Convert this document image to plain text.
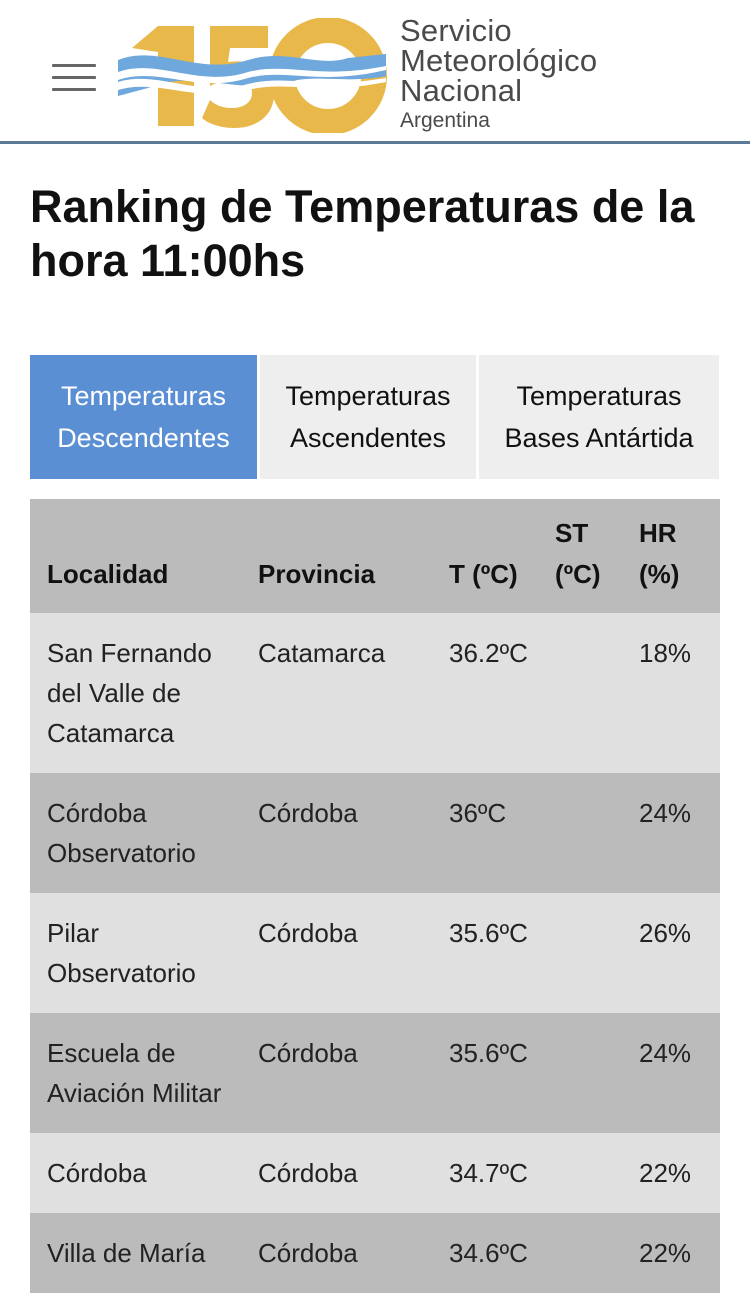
Servicio
Meteorológico
Nacional
Argentina
Ranking de Temperaturas de la hora 11:00hs
Temperaturas Descendentes
Temperaturas Ascendentes
Temperaturas Bases Antártida
Localidad	Provincia	T (ºC)	ST (ºC)	HR (%)
San Fernando del Valle de Catamarca	Catamarca	36.2ºC		18%
Córdoba Observatorio	Córdoba	36ºC		24%
Pilar Observatorio	Córdoba	35.6ºC		26%
Escuela de Aviación Militar	Córdoba	35.6ºC		24%
Córdoba	Córdoba	34.7ºC		22%
Villa de María	Córdoba	34.6ºC		22%
